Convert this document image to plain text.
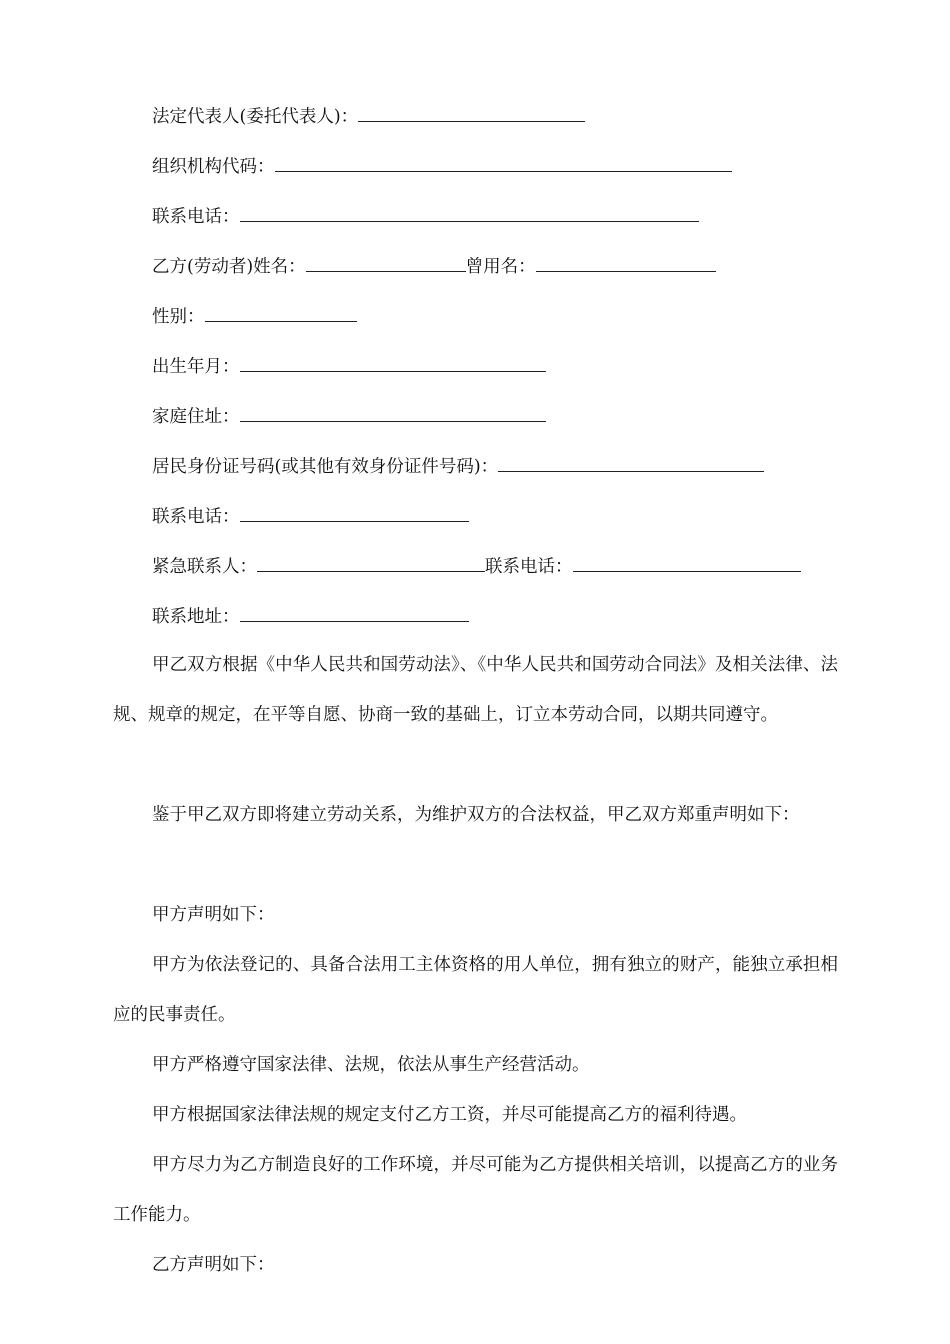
法定代表人(委托代表人)：
组织机构代码：
联系电话：
乙方(劳动者)姓名：	曾用名：
性别：
出生年月：
家庭住址：
居民身份证号码(或其他有效身份证件号码)：
联系电话：
紧急联系人：	联系电话：
联系地址：

甲乙双方根据《中华人民共和国劳动法》、《中华人民共和国劳动合同法》及相关法律、法规、规章的规定，在平等自愿、协商一致的基础上，订立本劳动合同，以期共同遵守。

鉴于甲乙双方即将建立劳动关系，为维护双方的合法权益，甲乙双方郑重声明如下：

甲方声明如下：

甲方为依法登记的、具备合法用工主体资格的用人单位，拥有独立的财产，能独立承担相应的民事责任。

甲方严格遵守国家法律、法规，依法从事生产经营活动。

甲方根据国家法律法规的规定支付乙方工资，并尽可能提高乙方的福利待遇。

甲方尽力为乙方制造良好的工作环境，并尽可能为乙方提供相关培训，以提高乙方的业务工作能力。

乙方声明如下：
